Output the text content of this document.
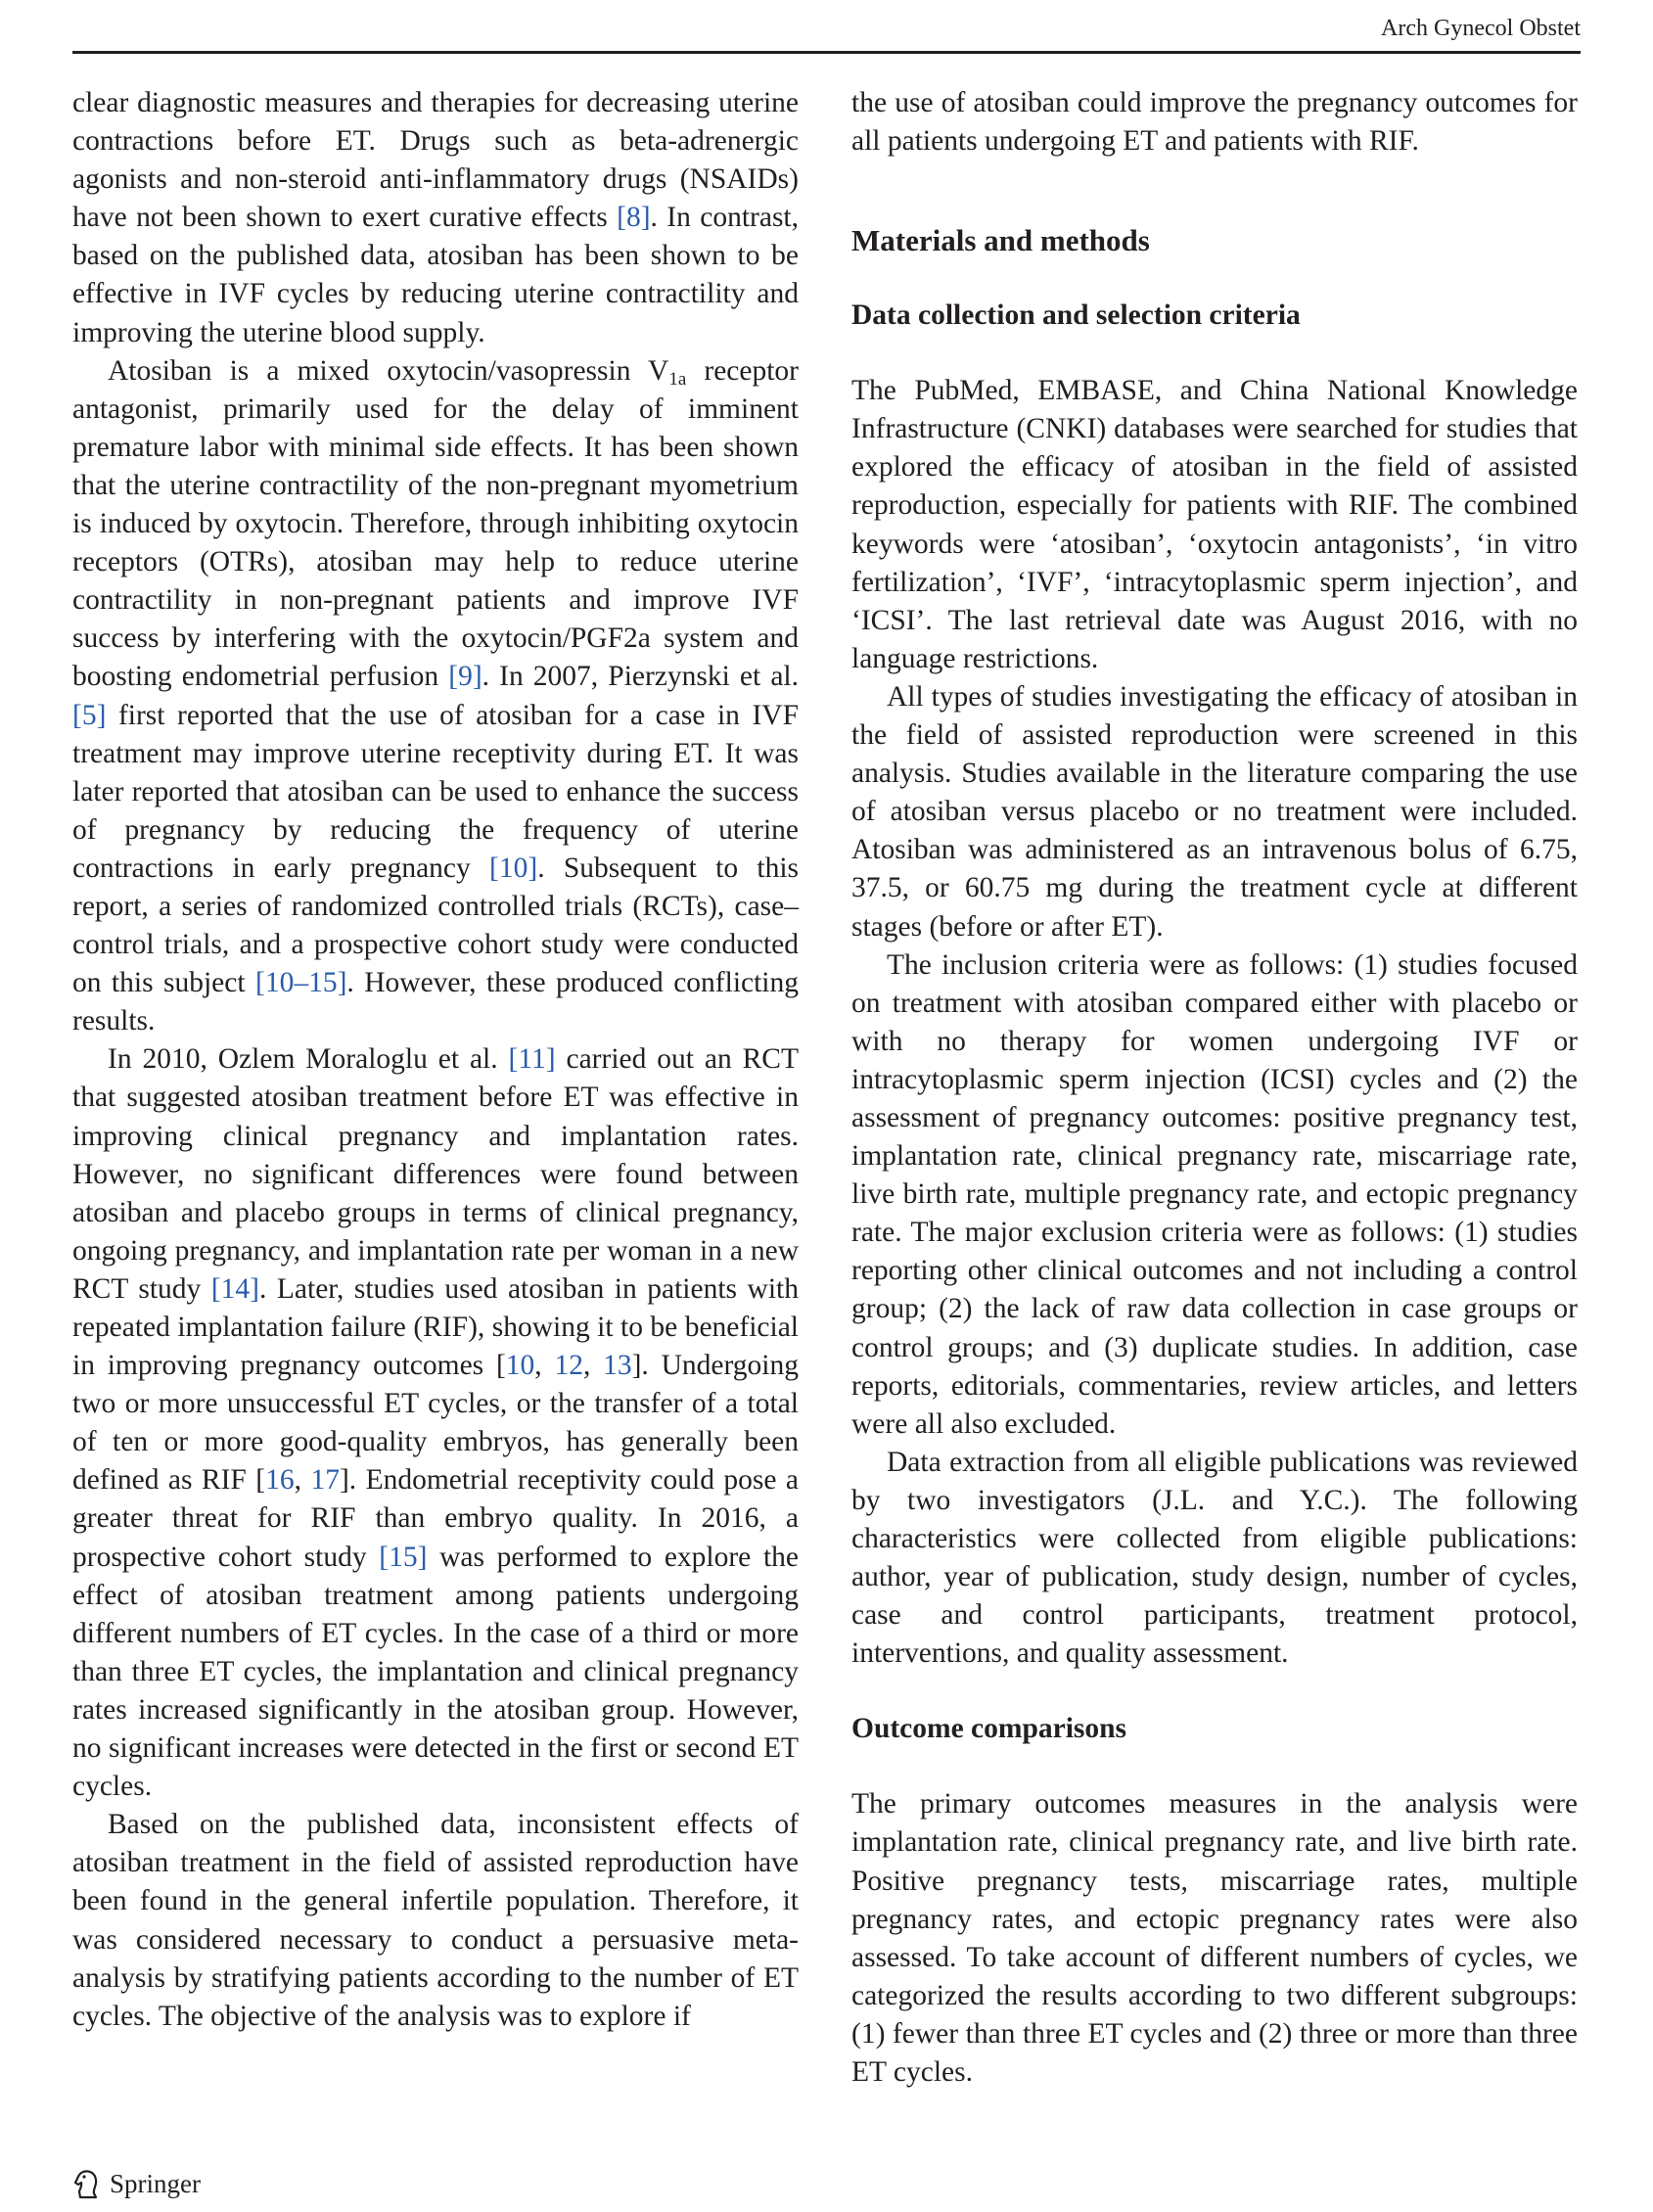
Arch Gynecol Obstet

clear diagnostic measures and therapies for decreasing uterine contractions before ET. Drugs such as beta-adrenergic agonists and non-steroid anti-inflammatory drugs (NSAIDs) have not been shown to exert curative effects [8]. In contrast, based on the published data, atosiban has been shown to be effective in IVF cycles by reducing uterine contractility and improving the uterine blood supply.

Atosiban is a mixed oxytocin/vasopressin $V_{1a}$ receptor antagonist, primarily used for the delay of imminent premature labor with minimal side effects. It has been shown that the uterine contractility of the non-pregnant myometrium is induced by oxytocin. Therefore, through inhibiting oxytocin receptors (OTRs), atosiban may help to reduce uterine contractility in non-pregnant patients and improve IVF success by interfering with the oxytocin/PGF2a system and boosting endometrial perfusion [9]. In 2007, Pierzynski et al. [5] first reported that the use of atosiban for a case in IVF treatment may improve uterine receptivity during ET. It was later reported that atosiban can be used to enhance the success of pregnancy by reducing the frequency of uterine contractions in early pregnancy [10]. Subsequent to this report, a series of randomized controlled trials (RCTs), case–control trials, and a prospective cohort study were conducted on this subject [10–15]. However, these produced conflicting results.

In 2010, Ozlem Moraloglu et al. [11] carried out an RCT that suggested atosiban treatment before ET was effective in improving clinical pregnancy and implantation rates. However, no significant differences were found between atosiban and placebo groups in terms of clinical pregnancy, ongoing pregnancy, and implantation rate per woman in a new RCT study [14]. Later, studies used atosiban in patients with repeated implantation failure (RIF), showing it to be beneficial in improving pregnancy outcomes [10, 12, 13]. Undergoing two or more unsuccessful ET cycles, or the transfer of a total of ten or more good-quality embryos, has generally been defined as RIF [16, 17]. Endometrial receptivity could pose a greater threat for RIF than embryo quality. In 2016, a prospective cohort study [15] was performed to explore the effect of atosiban treatment among patients undergoing different numbers of ET cycles. In the case of a third or more than three ET cycles, the implantation and clinical pregnancy rates increased significantly in the atosiban group. However, no significant increases were detected in the first or second ET cycles.

Based on the published data, inconsistent effects of atosiban treatment in the field of assisted reproduction have been found in the general infertile population. Therefore, it was considered necessary to conduct a persuasive meta-analysis by stratifying patients according to the number of ET cycles. The objective of the analysis was to explore if

the use of atosiban could improve the pregnancy outcomes for all patients undergoing ET and patients with RIF.

Materials and methods
Data collection and selection criteria

The PubMed, EMBASE, and China National Knowledge Infrastructure (CNKI) databases were searched for studies that explored the efficacy of atosiban in the field of assisted reproduction, especially for patients with RIF. The combined keywords were ‘atosiban’, ‘oxytocin antagonists’, ‘in vitro fertilization’, ‘IVF’, ‘intracytoplasmic sperm injection’, and ‘ICSI’. The last retrieval date was August 2016, with no language restrictions.

All types of studies investigating the efficacy of atosiban in the field of assisted reproduction were screened in this analysis. Studies available in the literature comparing the use of atosiban versus placebo or no treatment were included. Atosiban was administered as an intravenous bolus of 6.75, 37.5, or 60.75 mg during the treatment cycle at different stages (before or after ET).

The inclusion criteria were as follows: (1) studies focused on treatment with atosiban compared either with placebo or with no therapy for women undergoing IVF or intracytoplasmic sperm injection (ICSI) cycles and (2) the assessment of pregnancy outcomes: positive pregnancy test, implantation rate, clinical pregnancy rate, miscarriage rate, live birth rate, multiple pregnancy rate, and ectopic pregnancy rate. The major exclusion criteria were as follows: (1) studies reporting other clinical outcomes and not including a control group; (2) the lack of raw data collection in case groups or control groups; and (3) duplicate studies. In addition, case reports, editorials, commentaries, review articles, and letters were all also excluded.

Data extraction from all eligible publications was reviewed by two investigators (J.L. and Y.C.). The following characteristics were collected from eligible publications: author, year of publication, study design, number of cycles, case and control participants, treatment protocol, interventions, and quality assessment.

Outcome comparisons

The primary outcomes measures in the analysis were implantation rate, clinical pregnancy rate, and live birth rate. Positive pregnancy tests, miscarriage rates, multiple pregnancy rates, and ectopic pregnancy rates were also assessed. To take account of different numbers of cycles, we categorized the results according to two different subgroups: (1) fewer than three ET cycles and (2) three or more than three ET cycles.

Springer
